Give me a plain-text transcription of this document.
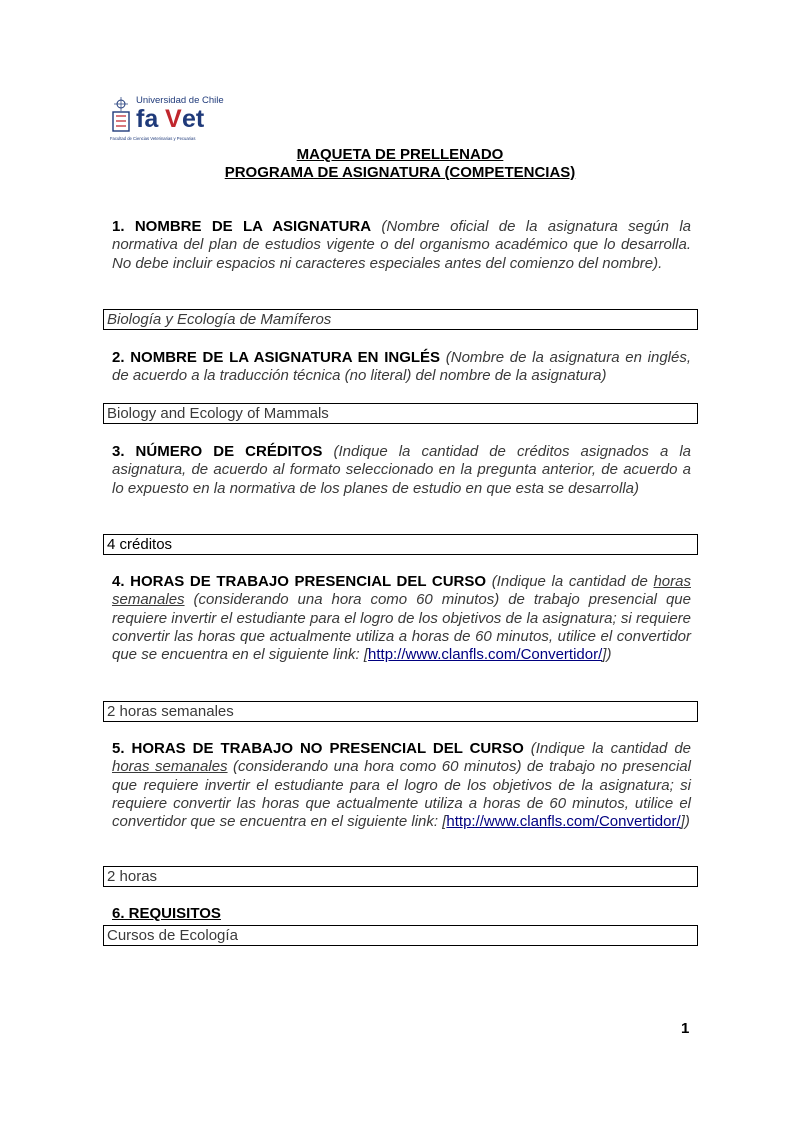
Universidad de Chile
fa V et
Facultad de Ciencias Veterinarias y Pecuarias
MAQUETA DE PRELLENADO
PROGRAMA DE ASIGNATURA (COMPETENCIAS)
1. NOMBRE DE LA ASIGNATURA (Nombre oficial de la asignatura según la normativa del plan de estudios vigente o del organismo académico que lo desarrolla. No debe incluir espacios ni caracteres especiales antes del comienzo del nombre).
Biología y Ecología de Mamíferos
2. NOMBRE DE LA ASIGNATURA EN INGLÉS (Nombre de la asignatura en inglés, de acuerdo a la traducción técnica (no literal) del nombre de la asignatura)
Biology and Ecology of Mammals
3. NÚMERO DE CRÉDITOS (Indique la cantidad de créditos asignados a la asignatura, de acuerdo al formato seleccionado en la pregunta anterior, de acuerdo a lo expuesto en la normativa de los planes de estudio en que esta se desarrolla)
4 créditos
4. HORAS DE TRABAJO PRESENCIAL DEL CURSO (Indique la cantidad de horas semanales (considerando una hora como 60 minutos) de trabajo presencial que requiere invertir el estudiante para el logro de los objetivos de la asignatura; si requiere convertir las horas que actualmente utiliza a horas de 60 minutos, utilice el convertidor que se encuentra en el siguiente link: [http://www.clanfls.com/Convertidor/])
2 horas semanales
5. HORAS DE TRABAJO NO PRESENCIAL DEL CURSO (Indique la cantidad de horas semanales (considerando una hora como 60 minutos) de trabajo no presencial que requiere invertir el estudiante para el logro de los objetivos de la asignatura; si requiere convertir las horas que actualmente utiliza a horas de 60 minutos, utilice el convertidor que se encuentra en el siguiente link: [http://www.clanfls.com/Convertidor/])
2 horas
6. REQUISITOS
Cursos de Ecología
1
